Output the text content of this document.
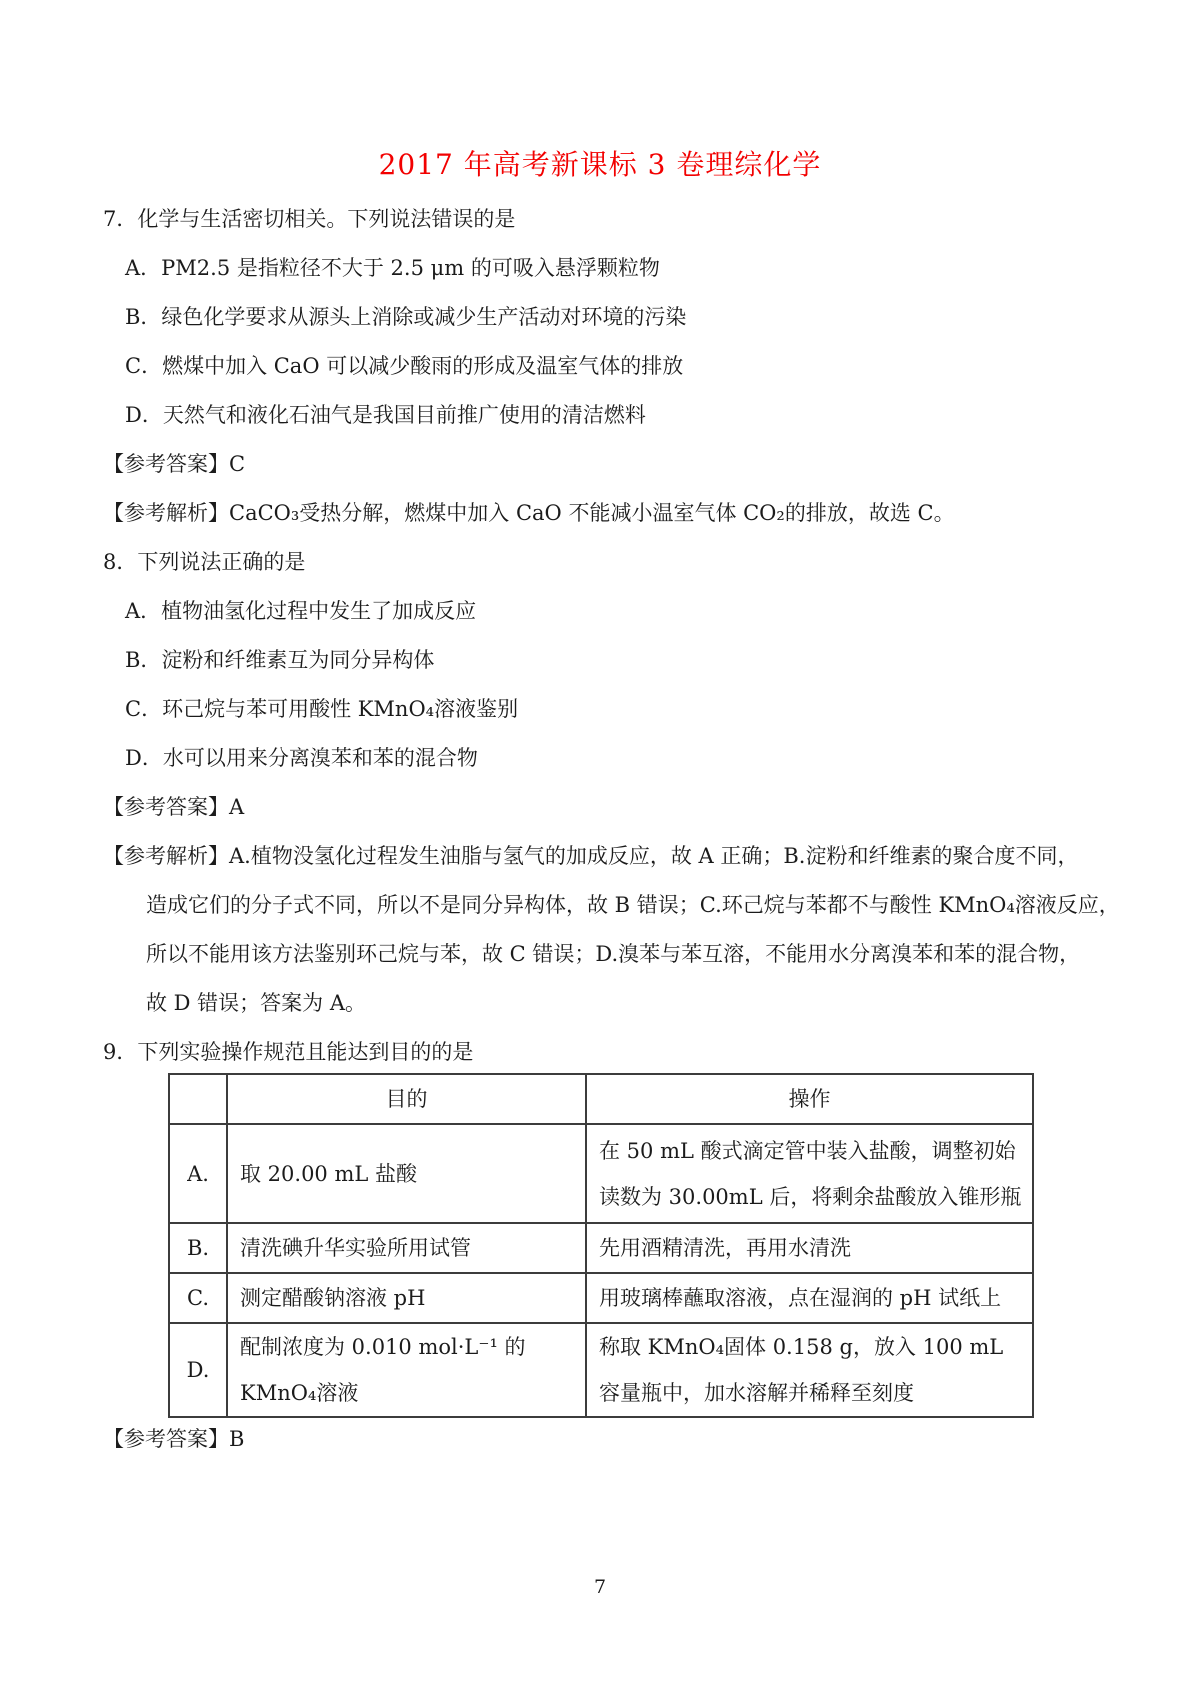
2017 年高考新课标 3 卷理综化学
7．化学与生活密切相关。下列说法错误的是
A．PM2.5 是指粒径不大于 2.5 μm 的可吸入悬浮颗粒物
B．绿色化学要求从源头上消除或减少生产活动对环境的污染
C．燃煤中加入 CaO 可以减少酸雨的形成及温室气体的排放
D．天然气和液化石油气是我国目前推广使用的清洁燃料
【参考答案】C
【参考解析】CaCO₃受热分解，燃煤中加入 CaO 不能减小温室气体 CO₂的排放，故选 C。
8．下列说法正确的是
A．植物油氢化过程中发生了加成反应
B．淀粉和纤维素互为同分异构体
C．环己烷与苯可用酸性 KMnO₄溶液鉴别
D．水可以用来分离溴苯和苯的混合物
【参考答案】A
【参考解析】A.植物没氢化过程发生油脂与氢气的加成反应，故 A 正确；B.淀粉和纤维素的聚合度不同，
造成它们的分子式不同，所以不是同分异构体，故 B 错误；C.环己烷与苯都不与酸性 KMnO₄溶液反应，
所以不能用该方法鉴别环己烷与苯，故 C 错误；D.溴苯与苯互溶，不能用水分离溴苯和苯的混合物，
故 D 错误；答案为 A。
9．下列实验操作规范且能达到目的的是
	目的	操作
A.	取 20.00 mL 盐酸	在 50 mL 酸式滴定管中装入盐酸，调整初始读数为 30.00mL 后，将剩余盐酸放入锥形瓶
B.	清洗碘升华实验所用试管	先用酒精清洗，再用水清洗
C.	测定醋酸钠溶液 pH	用玻璃棒蘸取溶液，点在湿润的 pH 试纸上
D.	配制浓度为 0.010 mol·L⁻¹ 的 KMnO₄溶液	称取 KMnO₄固体 0.158 g，放入 100 mL 容量瓶中，加水溶解并稀释至刻度
【参考答案】B
7
